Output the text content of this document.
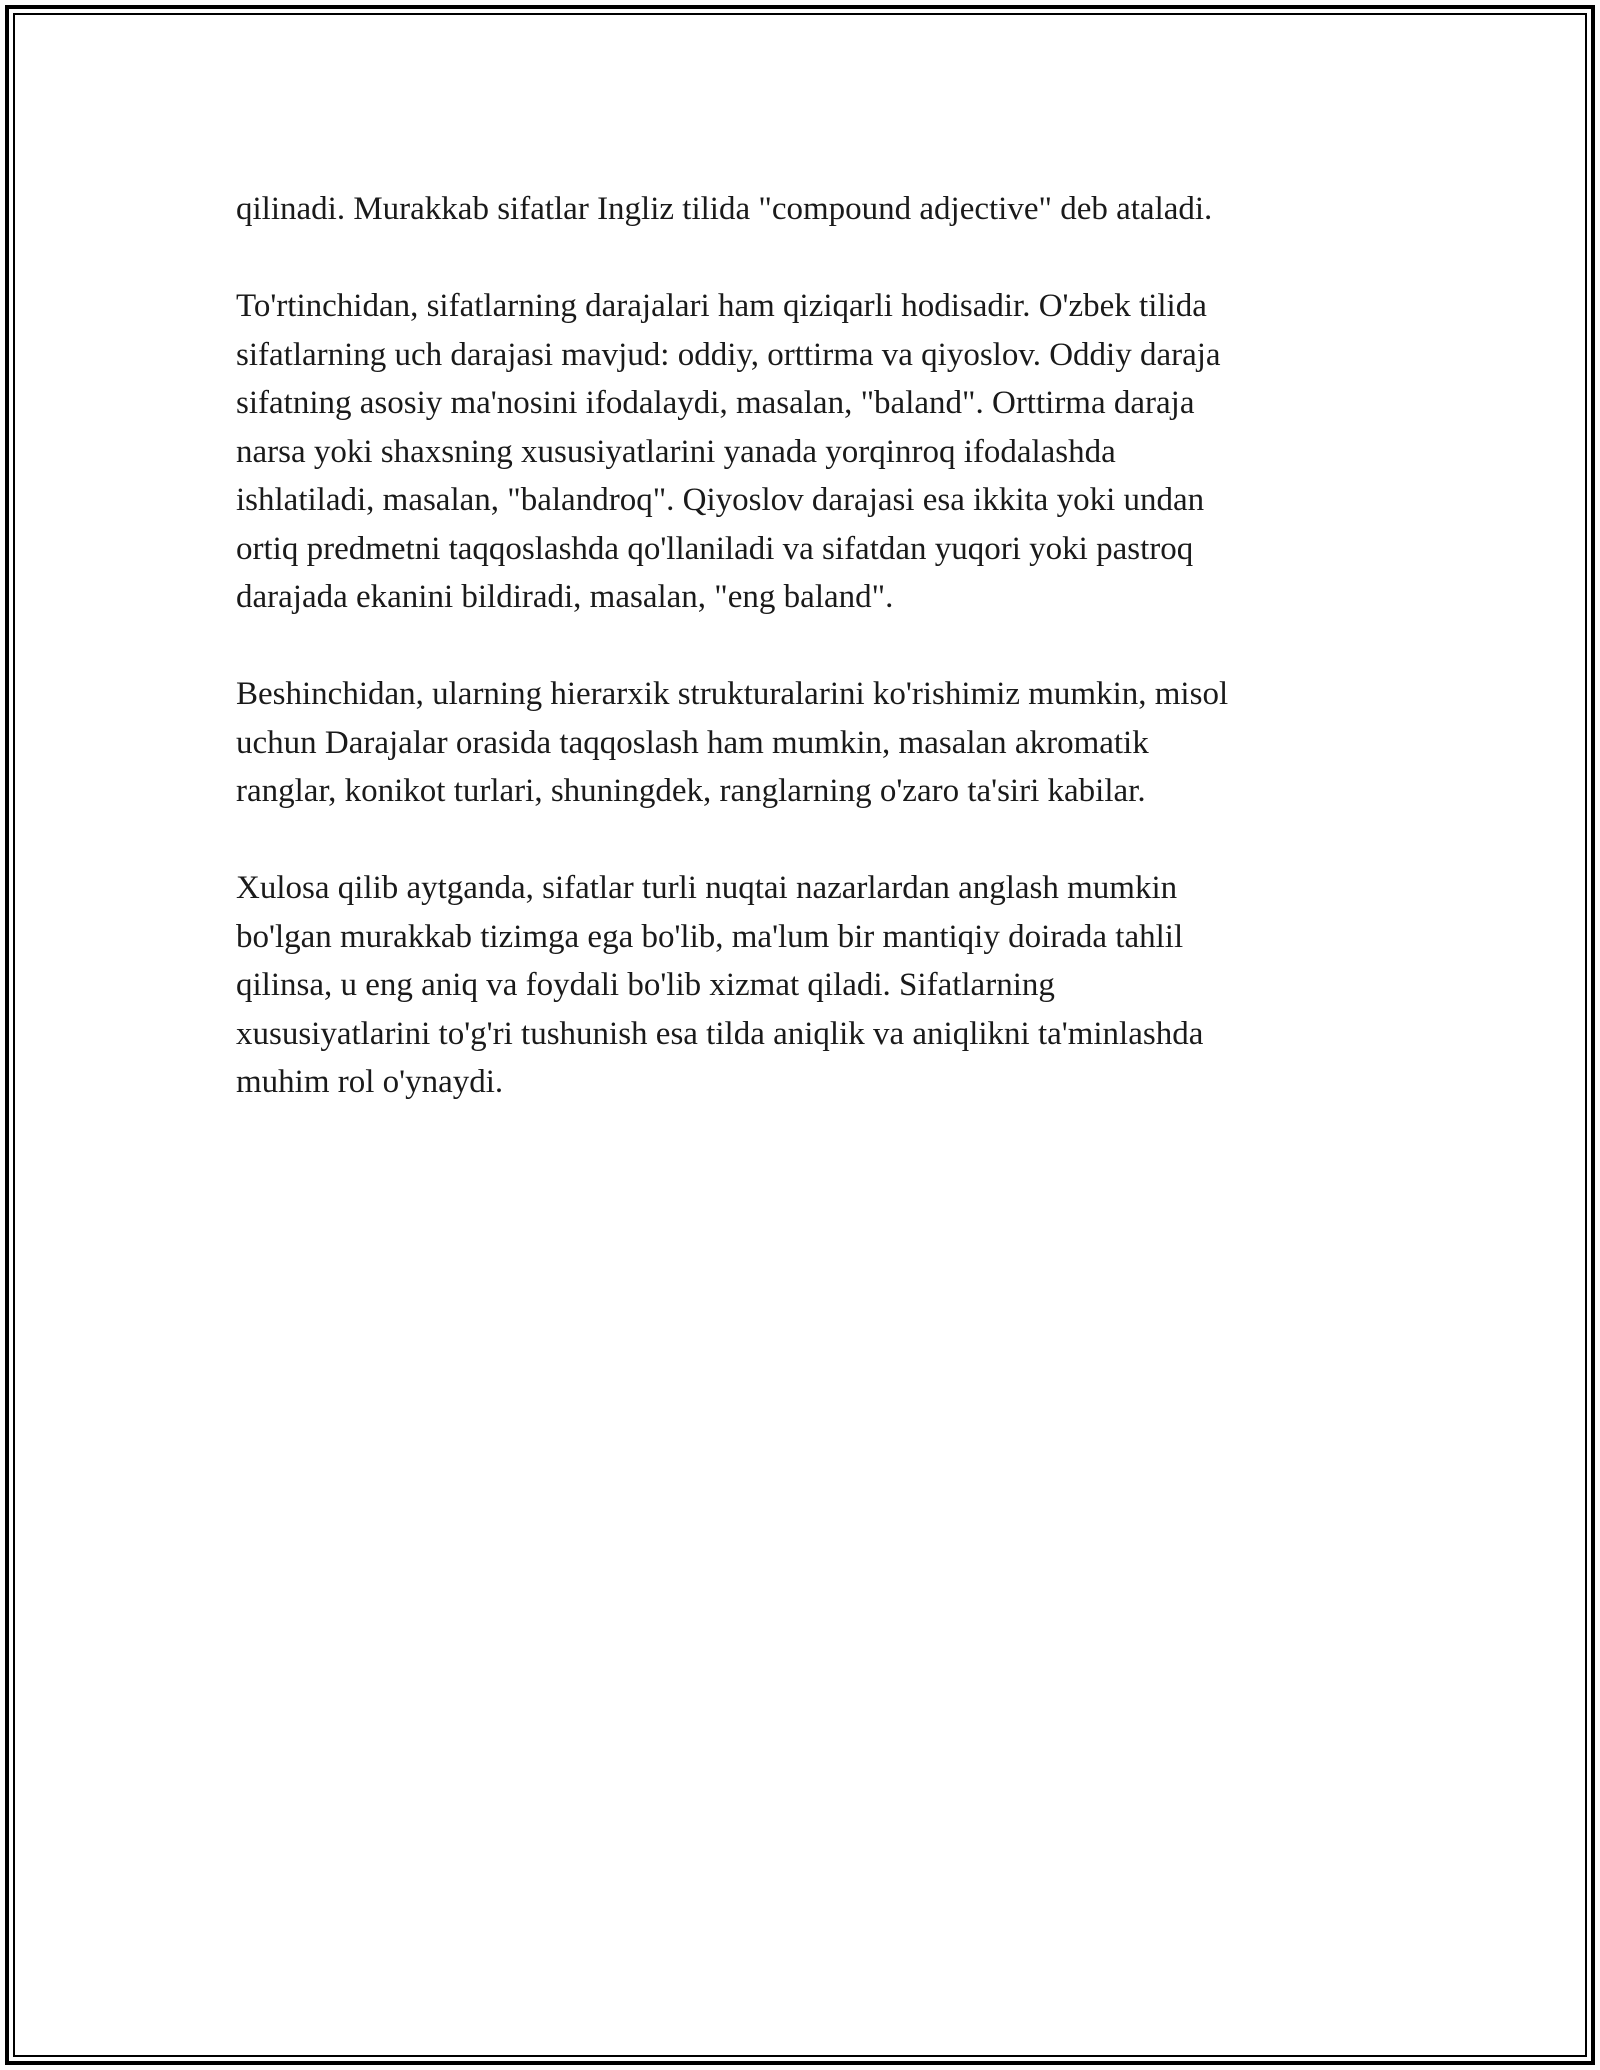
qilinadi. Murakkab sifatlar Ingliz tilida "compound adjective" deb ataladi.

To'rtinchidan, sifatlarning darajalari ham qiziqarli hodisadir. O'zbek tilida
sifatlarning uch darajasi mavjud: oddiy, orttirma va qiyoslov. Oddiy daraja
sifatning asosiy ma'nosini ifodalaydi, masalan, "baland". Orttirma daraja
narsa yoki shaxsning xususiyatlarini yanada yorqinroq ifodalashda
ishlatiladi, masalan, "balandroq". Qiyoslov darajasi esa ikkita yoki undan
ortiq predmetni taqqoslashda qo'llaniladi va sifatdan yuqori yoki pastroq
darajada ekanini bildiradi, masalan, "eng baland".

Beshinchidan, ularning hierarxik strukturalarini ko'rishimiz mumkin, misol
uchun Darajalar orasida taqqoslash ham mumkin, masalan akromatik
ranglar, konikot turlari, shuningdek, ranglarning o'zaro ta'siri kabilar.

Xulosa qilib aytganda, sifatlar turli nuqtai nazarlardan anglash mumkin
bo'lgan murakkab tizimga ega bo'lib, ma'lum bir mantiqiy doirada tahlil
qilinsa, u eng aniq va foydali bo'lib xizmat qiladi. Sifatlarning
xususiyatlarini to'g'ri tushunish esa tilda aniqlik va aniqlikni ta'minlashda
muhim rol o'ynaydi.
